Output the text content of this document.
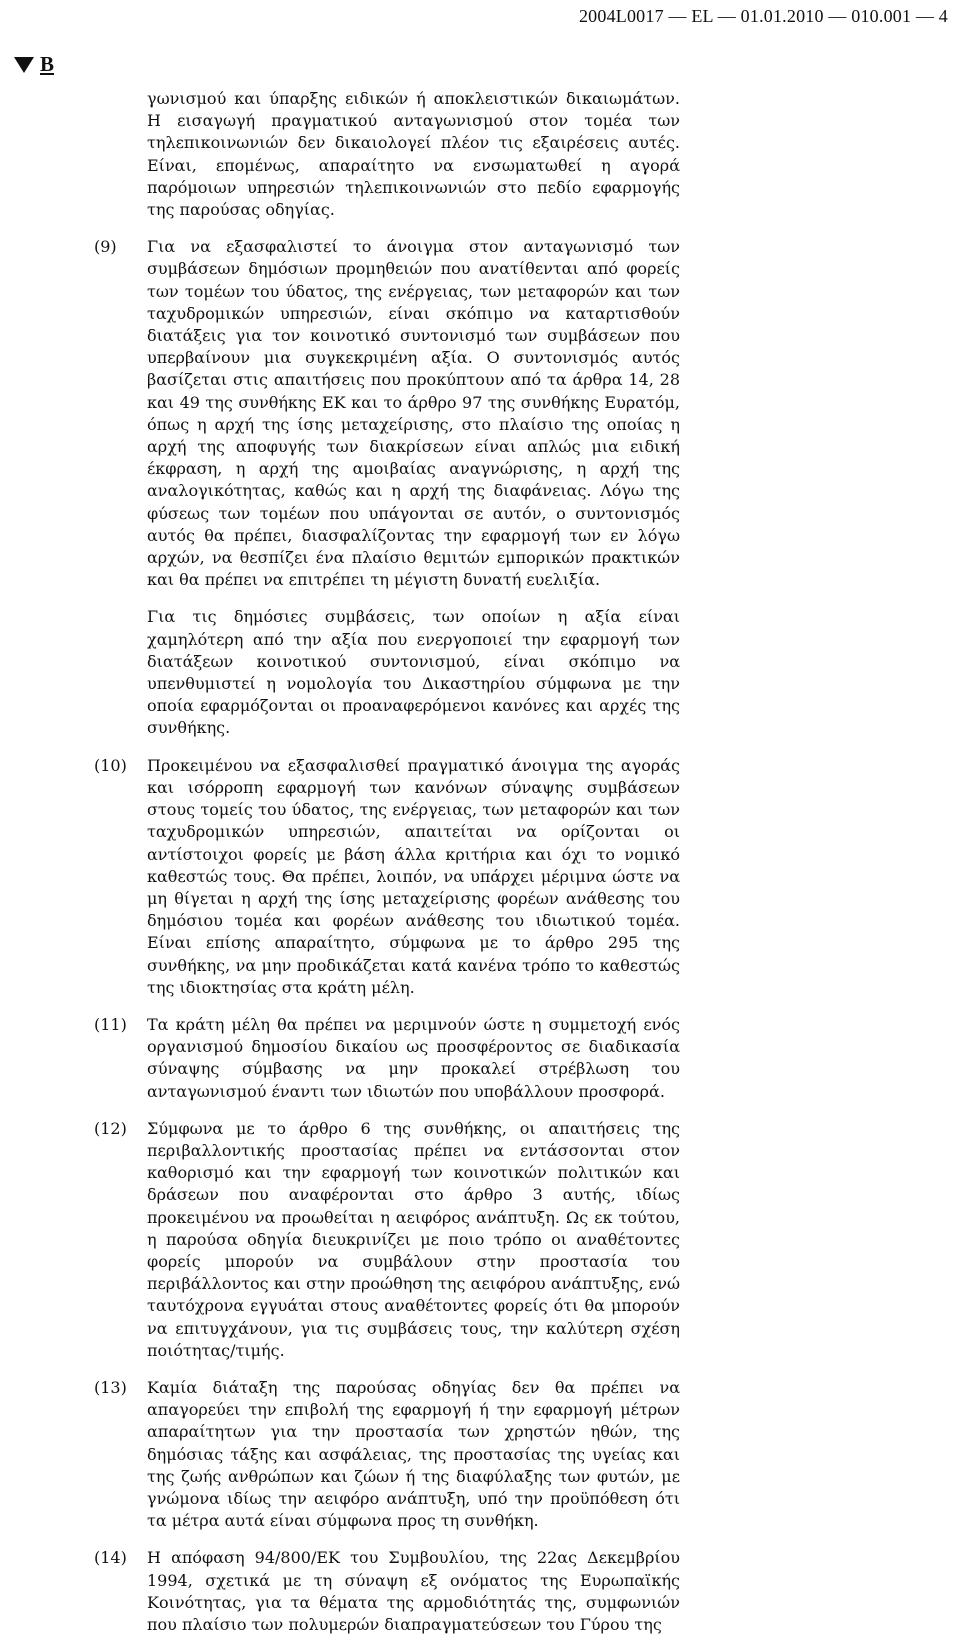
2004L0017 — EL — 01.01.2010 — 010.001 — 4
B
γωνισμού και ύπαρξης ειδικών ή αποκλειστικών δικαιωμάτων. Η εισαγωγή πραγματικού ανταγωνισμού στον τομέα των τηλεπικοινωνιών δεν δικαιολογεί πλέον τις εξαιρέσεις αυτές. Είναι, επομένως, απαραίτητο να ενσωματωθεί η αγορά παρόμοιων υπηρεσιών τηλεπικοινωνιών στο πεδίο εφαρμογής της παρούσας οδηγίας.
(9)	Για να εξασφαλιστεί το άνοιγμα στον ανταγωνισμό των συμβάσεων δημόσιων προμηθειών που ανατίθενται από φορείς των τομέων του ύδατος, της ενέργειας, των μεταφορών και των ταχυδρομικών υπηρεσιών, είναι σκόπιμο να καταρτισθούν διατάξεις για τον κοινοτικό συντονισμό των συμβάσεων που υπερβαίνουν μια συγκεκριμένη αξία. Ο συντονισμός αυτός βασίζεται στις απαιτήσεις που προκύπτουν από τα άρθρα 14, 28 και 49 της συνθήκης ΕΚ και το άρθρο 97 της συνθήκης Ευρατόμ, όπως η αρχή της ίσης μεταχείρισης, στο πλαίσιο της οποίας η αρχή της αποφυγής των διακρίσεων είναι απλώς μια ειδική έκφραση, η αρχή της αμοιβαίας αναγνώρισης, η αρχή της αναλογικότητας, καθώς και η αρχή της διαφάνειας. Λόγω της φύσεως των τομέων που υπάγονται σε αυτόν, ο συντονισμός αυτός θα πρέπει, διασφαλίζοντας την εφαρμογή των εν λόγω αρχών, να θεσπίζει ένα πλαίσιο θεμιτών εμπορικών πρακτικών και θα πρέπει να επιτρέπει τη μέγιστη δυνατή ευελιξία.
Για τις δημόσιες συμβάσεις, των οποίων η αξία είναι χαμηλότερη από την αξία που ενεργοποιεί την εφαρμογή των διατάξεων κοινοτικού συντονισμού, είναι σκόπιμο να υπενθυμιστεί η νομολογία του Δικαστηρίου σύμφωνα με την οποία εφαρμόζονται οι προαναφερόμενοι κανόνες και αρχές της συνθήκης.
(10)	Προκειμένου να εξασφαλισθεί πραγματικό άνοιγμα της αγοράς και ισόρροπη εφαρμογή των κανόνων σύναψης συμβάσεων στους τομείς του ύδατος, της ενέργειας, των μεταφορών και των ταχυδρομικών υπηρεσιών, απαιτείται να ορίζονται οι αντίστοιχοι φορείς με βάση άλλα κριτήρια και όχι το νομικό καθεστώς τους. Θα πρέπει, λοιπόν, να υπάρχει μέριμνα ώστε να μη θίγεται η αρχή της ίσης μεταχείρισης φορέων ανάθεσης του δημόσιου τομέα και φορέων ανάθεσης του ιδιωτικού τομέα. Είναι επίσης απαραίτητο, σύμφωνα με το άρθρο 295 της συνθήκης, να μην προδικάζεται κατά κανένα τρόπο το καθεστώς της ιδιοκτησίας στα κράτη μέλη.
(11)	Τα κράτη μέλη θα πρέπει να μεριμνούν ώστε η συμμετοχή ενός οργανισμού δημοσίου δικαίου ως προσφέροντος σε διαδικασία σύναψης σύμβασης να μην προκαλεί στρέβλωση του ανταγωνισμού έναντι των ιδιωτών που υποβάλλουν προσφορά.
(12)	Σύμφωνα με το άρθρο 6 της συνθήκης, οι απαιτήσεις της περιβαλλοντικής προστασίας πρέπει να εντάσσονται στον καθορισμό και την εφαρμογή των κοινοτικών πολιτικών και δράσεων που αναφέρονται στο άρθρο 3 αυτής, ιδίως προκειμένου να προωθείται η αειφόρος ανάπτυξη. Ως εκ τούτου, η παρούσα οδηγία διευκρινίζει με ποιο τρόπο οι αναθέτοντες φορείς μπορούν να συμβάλουν στην προστασία του περιβάλλοντος και στην προώθηση της αειφόρου ανάπτυξης, ενώ ταυτόχρονα εγγυάται στους αναθέτοντες φορείς ότι θα μπορούν να επιτυγχάνουν, για τις συμβάσεις τους, την καλύτερη σχέση ποιότητας/τιμής.
(13)	Καμία διάταξη της παρούσας οδηγίας δεν θα πρέπει να απαγορεύει την επιβολή της εφαρμογή ή την εφαρμογή μέτρων απαραίτητων για την προστασία των χρηστών ηθών, της δημόσιας τάξης και ασφάλειας, της προστασίας της υγείας και της ζωής ανθρώπων και ζώων ή της διαφύλαξης των φυτών, με γνώμονα ιδίως την αειφόρο ανάπτυξη, υπό την προϋπόθεση ότι τα μέτρα αυτά είναι σύμφωνα προς τη συνθήκη.
(14)	Η απόφαση 94/800/ΕΚ του Συμβουλίου, της 22ας Δεκεμβρίου 1994, σχετικά με τη σύναψη εξ ονόματος της Ευρωπαϊκής Κοινότητας, για τα θέματα της αρμοδιότητάς της, συμφωνιών που πλαίσιο των πολυμερών διαπραγματεύσεων του Γύρου της
